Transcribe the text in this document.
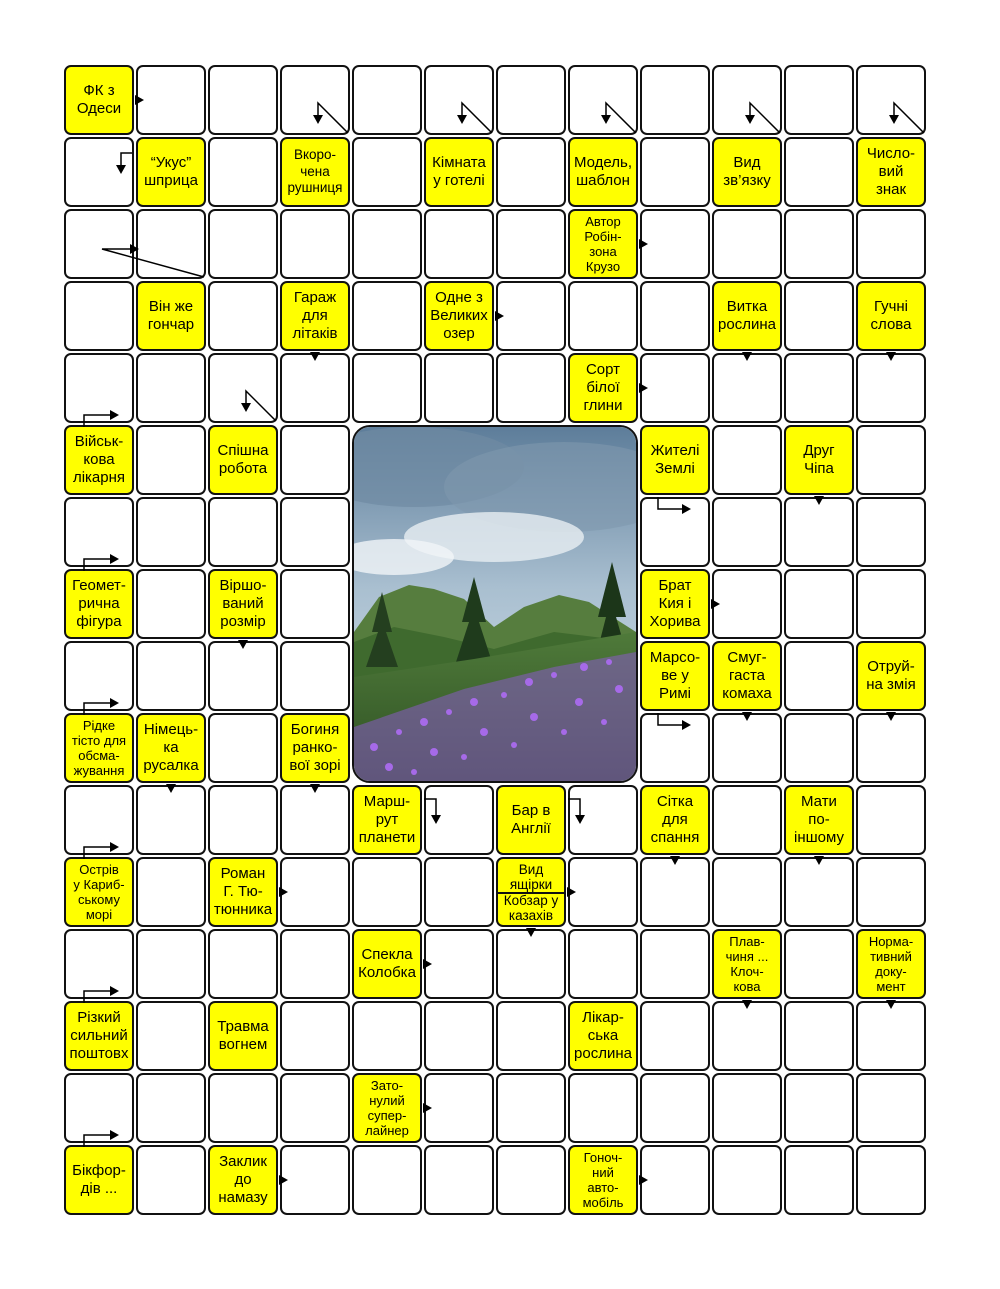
ФК з
Одеси
“Укус”
шприца
Вкоро-
чена
рушниця
Кімната
у готелі
Модель,
шаблон
Вид
зв’язку
Число-
вий
знак
Автор
Робін-
зона
Крузо
Він же
гончар
Гараж
для
літаків
Одне з
Великих
озер
Витка
рослина
Гучні
слова
Сорт
білої
глини
Військ-
кова
лікарня
Спішна
робота
Жителі
Землі
Друг
Чіпа
Геомет-
рична
фігура
Віршо-
ваний
розмір
Брат
Кия і
Хорива
Марсо-
ве у
Римі
Смуг-
гаста
комаха
Отруй-
на змія
Рідке
тісто для
обсма-
жування
Німець-
ка
русалка
Богиня
ранко-
вої зорі
Марш-
рут
планети
Бар в
Англії
Сітка
для
спання
Мати
по-
іншому
Острів
у Кариб-
ському
морі
Роман
Г. Тю-
тюнника
Вид
ящірки
Кобзар у
казахів
Спекла
Колобка
Плав-
чиня ...
Клоч-
кова
Норма-
тивний
доку-
мент
Різкий
сильний
поштовх
Травма
вогнем
Лікар-
ська
рослина
Зато-
нулий
супер-
лайнер
Бікфор-
дів ...
Заклик
до
намазу
Гоноч-
ний
авто-
мобіль
